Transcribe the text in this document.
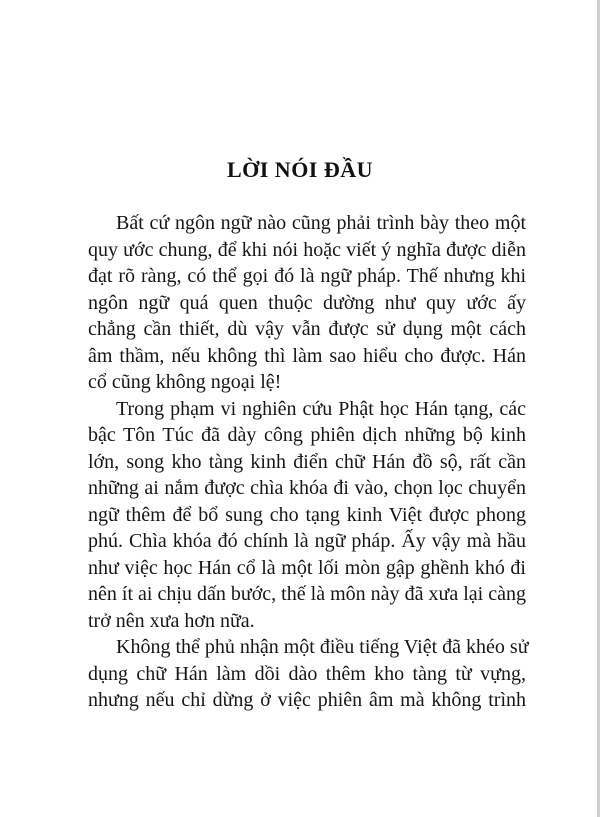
LỜI NÓI ĐẦU
Bất cứ ngôn ngữ nào cũng phải trình bày theo một
quy ước chung, để khi nói hoặc viết ý nghĩa được diễn
đạt rõ ràng, có thể gọi đó là ngữ pháp. Thế nhưng khi
ngôn ngữ quá quen thuộc dường như quy ước ấy
chẳng cần thiết, dù vậy vẫn được sử dụng một cách
âm thầm, nếu không thì làm sao hiểu cho được. Hán
cổ cũng không ngoại lệ!
Trong phạm vi nghiên cứu Phật học Hán tạng, các
bậc Tôn Túc đã dày công phiên dịch những bộ kinh
lớn, song kho tàng kinh điển chữ Hán đồ sộ, rất cần
những ai nắm được chìa khóa đi vào, chọn lọc chuyển
ngữ thêm để bổ sung cho tạng kinh Việt được phong
phú. Chìa khóa đó chính là ngữ pháp. Ấy vậy mà hầu
như việc học Hán cổ là một lối mòn gập ghềnh khó đi
nên ít ai chịu dấn bước, thế là môn này đã xưa lại càng
trở nên xưa hơn nữa.
Không thể phủ nhận một điều tiếng Việt đã khéo sử
dụng chữ Hán làm dồi dào thêm kho tàng từ vựng,
nhưng nếu chỉ dừng ở việc phiên âm mà không trình
